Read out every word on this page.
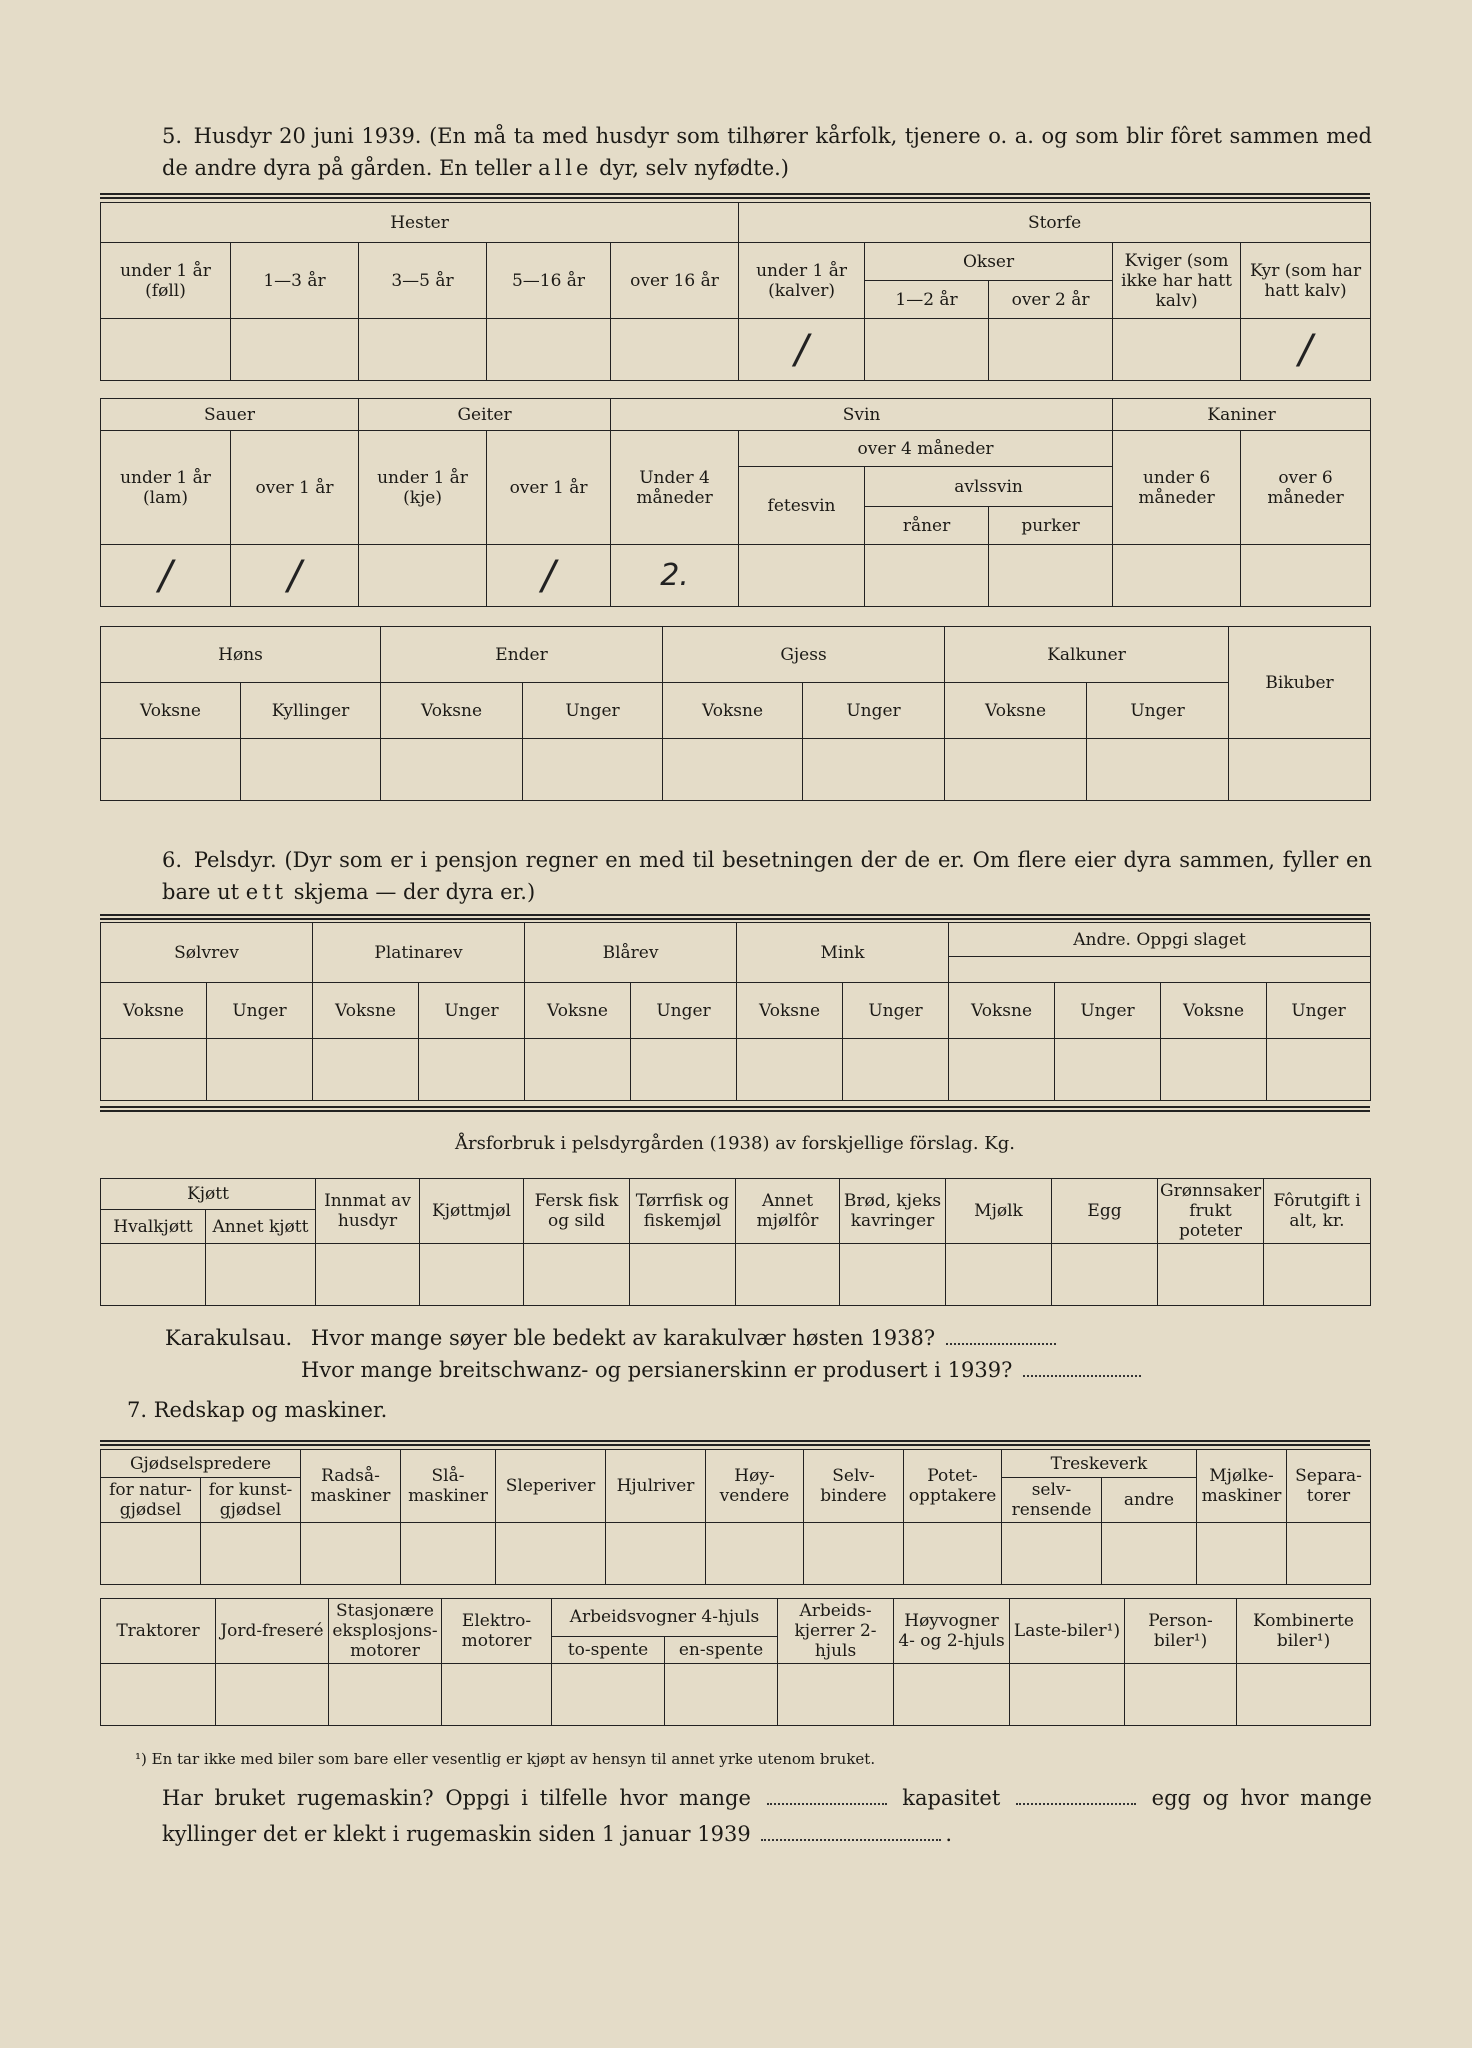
5. Husdyr 20 juni 1939. (En må ta med husdyr som tilhører kårfolk, tjenere o. a. og som blir fôret sammen med de andre dyra på gården. En teller alle dyr, selv nyfødte.)
Hester					Storfe				
under 1 år (føll)	1—3 år	3—5 år	5—16 år	over 16 år	under 1 år (kalver)	Okser		Kviger (som ikke har hatt kalv)	Kyr (som har hatt kalv)
						1—2 år	over 2 år		
					/				/
Sauer		Geiter		Svin				Kaniner	
under 1 år (lam)	over 1 år	under 1 år (kje)	over 1 år	Under 4 måneder	over 4 måneder			under 6 måneder	over 6 måneder
					fetesvin	avlssvin			
						råner	purker		
/	/		/	2.					
Høns		Ender		Gjess		Kalkuner		Bikuber
Voksne	Kyllinger	Voksne	Unger	Voksne	Unger	Voksne	Unger	

6. Pelsdyr. (Dyr som er i pensjon regner en med til besetningen der de er. Om flere eier dyra sammen, fyller en bare ut ett skjema — der dyra er.)
Sølvrev		Platinarev		Blårev		Mink		Andre. Oppgi slaget			

Voksne	Unger	Voksne	Unger	Voksne	Unger	Voksne	Unger	Voksne	Unger	Voksne	Unger

Årsforbruk i pelsdyrgården (1938) av forskjellige förslag. Kg.
Kjøtt		Innmat av husdyr	Kjøttmjøl	Fersk fisk og sild	Tørrfisk og fiskemjøl	Annet mjølfôr	Brød, kjeks kavringer	Mjølk	Egg	Grønnsaker frukt poteter	Fôrutgift i alt, kr.
Hvalkjøtt	Annet kjøtt										

Karakulsau. Hvor mange søyer ble bedekt av karakulvær høsten 1938?
Hvor mange breitschwanz- og persianerskinn er produsert i 1939?
7. Redskap og maskiner.
Gjødselspredere		Radså-maskiner	Slå-maskiner	Sleperiver	Hjulriver	Høy-vendere	Selv-bindere	Potet-opptakere	Treskeverk		Mjølke-maskiner	Separa-torer
for natur-gjødsel	for kunst-gjødsel								selv-rensende	andre		

Traktorer	Jord-freseré	Stasjonære eksplosjons-motorer	Elektro-motorer	Arbeidsvogner 4-hjuls		Arbeids-kjerrer 2-hjuls	Høyvogner 4- og 2-hjuls	Laste-biler¹)	Person-biler¹)	Kombinerte biler¹)
				to-spente	en-spente					

¹) En tar ikke med biler som bare eller vesentlig er kjøpt av hensyn til annet yrke utenom bruket.
Har bruket rugemaskin? Oppgi i tilfelle hvor mange	kapasitet	egg og hvor mange kyllinger det er klekt i rugemaskin siden 1 januar 1939	.
